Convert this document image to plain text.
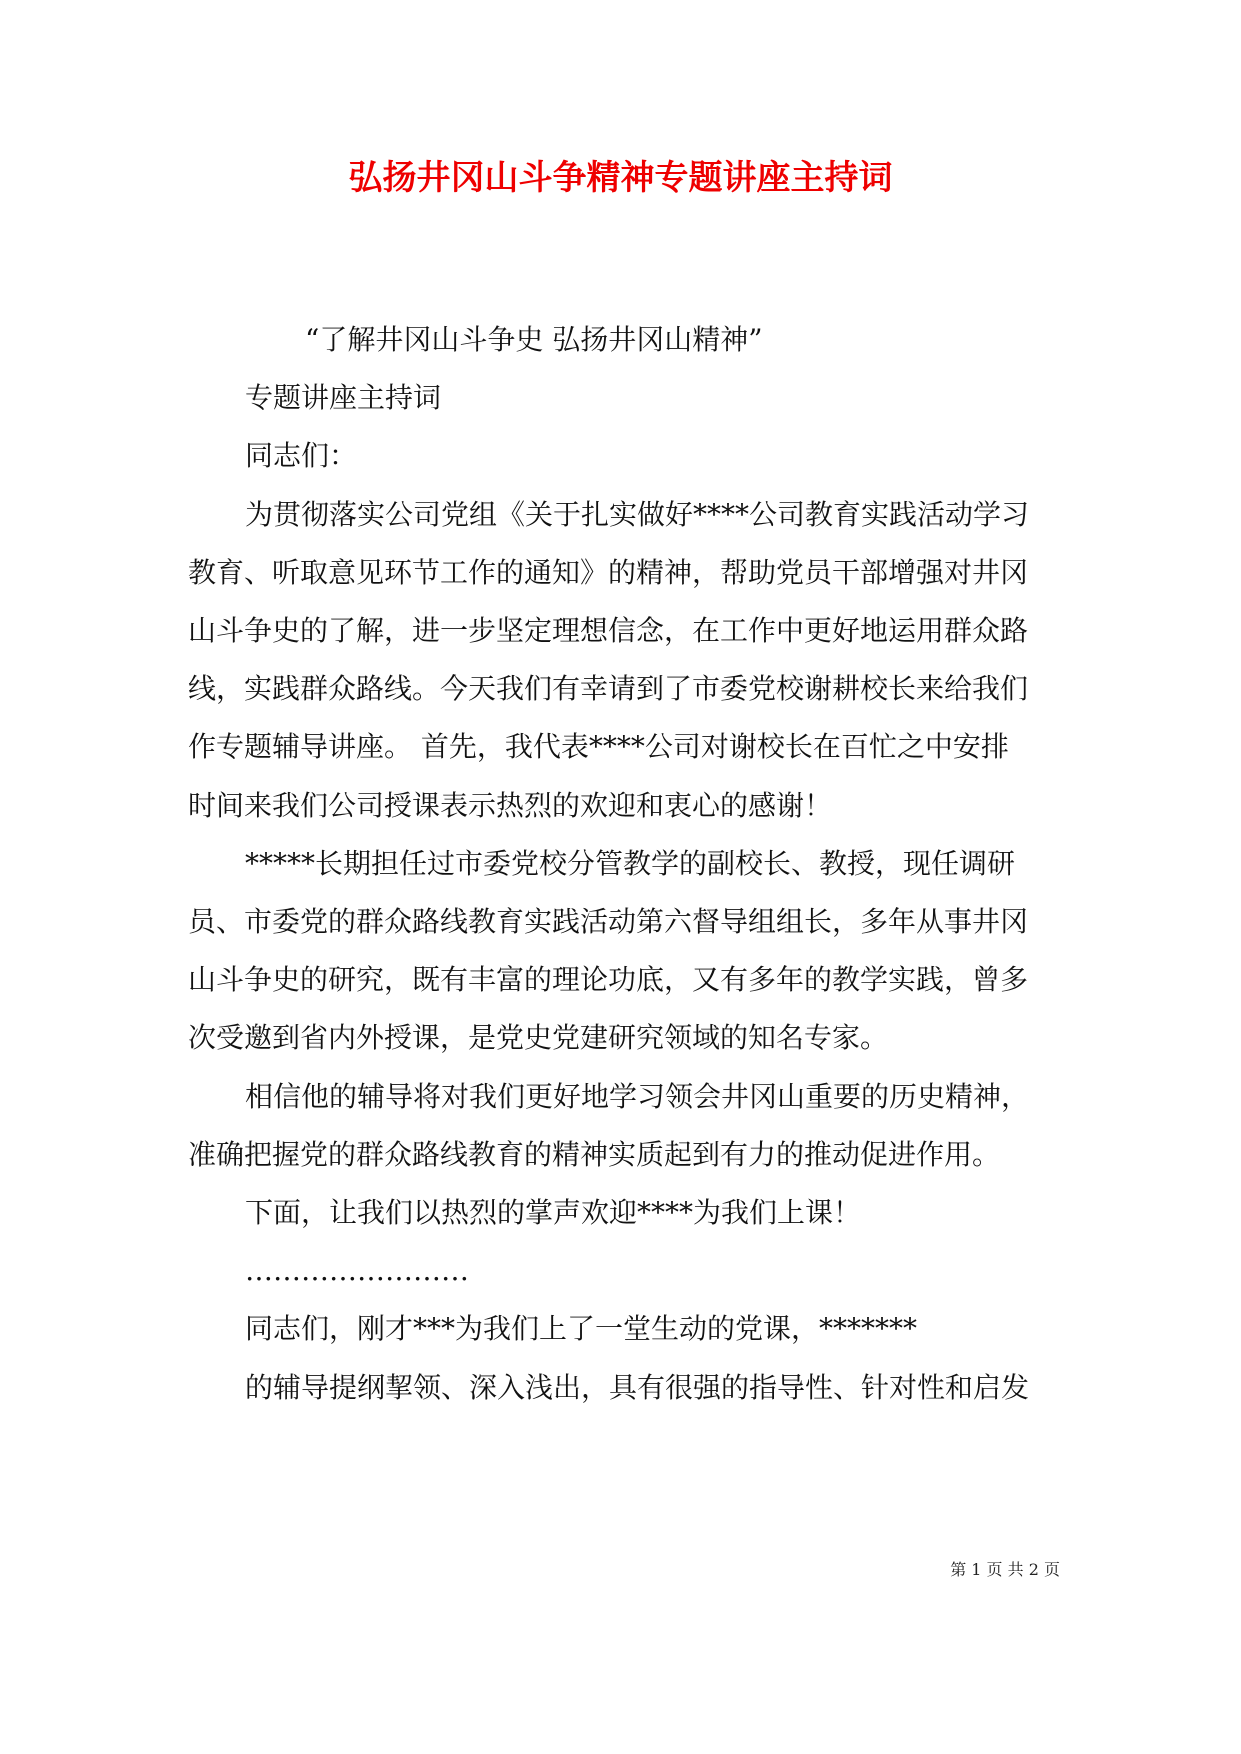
弘扬井冈山斗争精神专题讲座主持词

“了解井冈山斗争史 弘扬井冈山精神”

专题讲座主持词

同志们：

为贯彻落实公司党组《关于扎实做好****公司教育实践活动学习

教育、听取意见环节工作的通知》的精神，帮助党员干部增强对井冈

山斗争史的了解，进一步坚定理想信念，在工作中更好地运用群众路

线，实践群众路线。今天我们有幸请到了市委党校谢耕校长来给我们

作专题辅导讲座。 首先，我代表****公司对谢校长在百忙之中安排

时间来我们公司授课表示热烈的欢迎和衷心的感谢！

*****长期担任过市委党校分管教学的副校长、教授，现任调研

员、市委党的群众路线教育实践活动第六督导组组长，多年从事井冈

山斗争史的研究，既有丰富的理论功底，又有多年的教学实践，曾多

次受邀到省内外授课，是党史党建研究领域的知名专家。

相信他的辅导将对我们更好地学习领会井冈山重要的历史精神，

准确把握党的群众路线教育的精神实质起到有力的推动促进作用。

下面，让我们以热烈的掌声欢迎****为我们上课！

……………………

同志们，刚才***为我们上了一堂生动的党课，*******

的辅导提纲挈领、深入浅出，具有很强的指导性、针对性和启发

第 1 页 共 2 页
